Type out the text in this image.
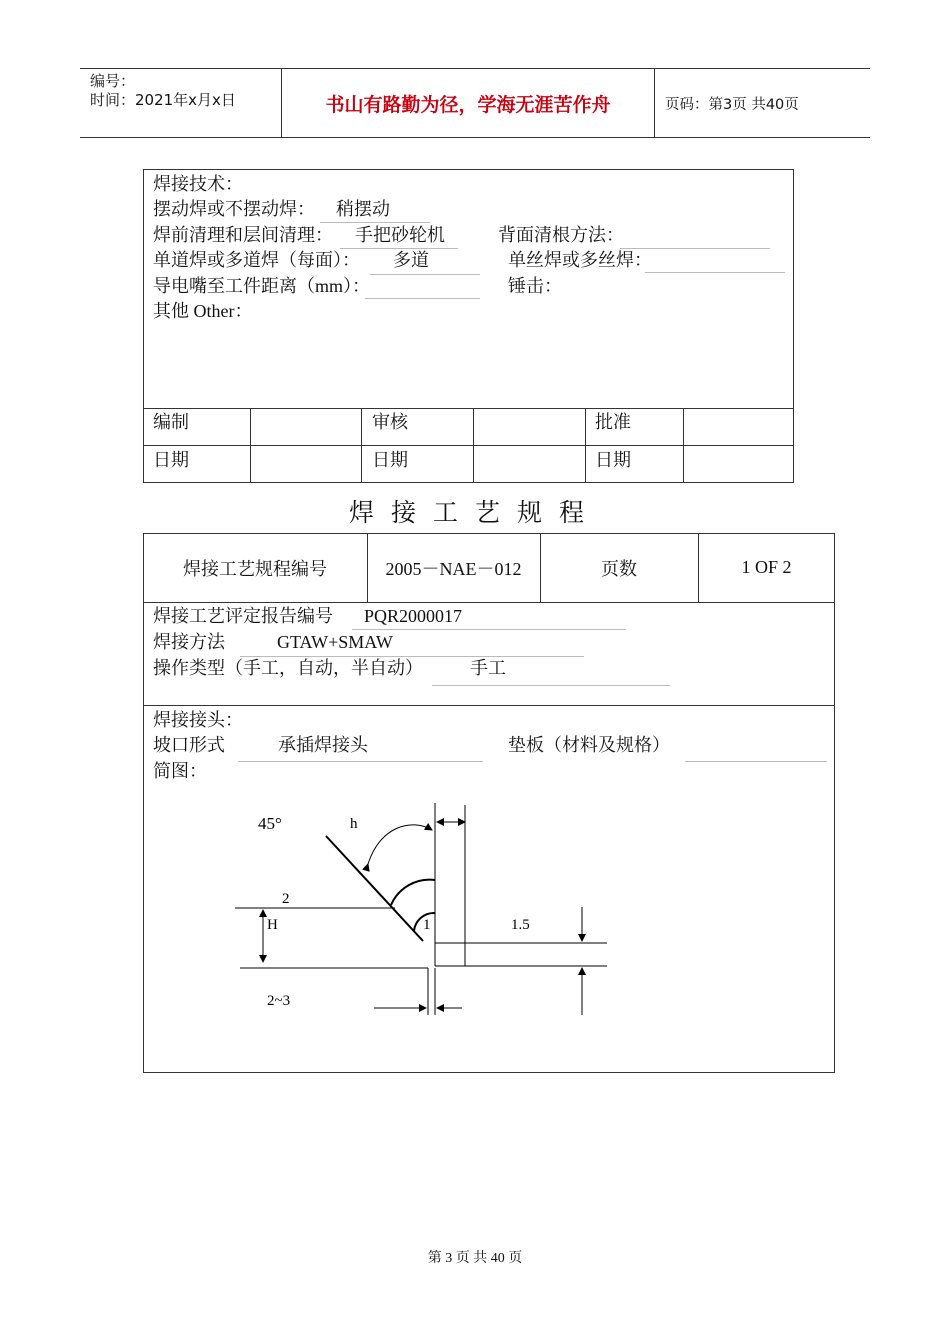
编号：
时间：2021年x月x日	书山有路勤为径，学海无涯苦作舟	页码：第3页 共40页
焊接技术：
摆动焊或不摆动焊： 稍摆动
焊前清理和层间清理： 手把砂轮机	背面清根方法：
单道焊或多道焊（每面）： 多道	单丝焊或多丝焊：
导电嘴至工件距离（mm）：	锤击：
其他 Other：
编制	审核	批准
日期	日期	日期
焊接工艺规程
焊接工艺规程编号	2005－NAE－012	页数	1 OF 2
焊接工艺评定报告编号 PQR2000017
焊接方法	GTAW+SMAW
操作类型（手工，自动，半自动）	手工
焊接接头：
坡口形式	承插焊接头	垫板（材料及规格）
简图：
45°	h
2
H	1	1.5
2~3
第 3 页 共 40 页
